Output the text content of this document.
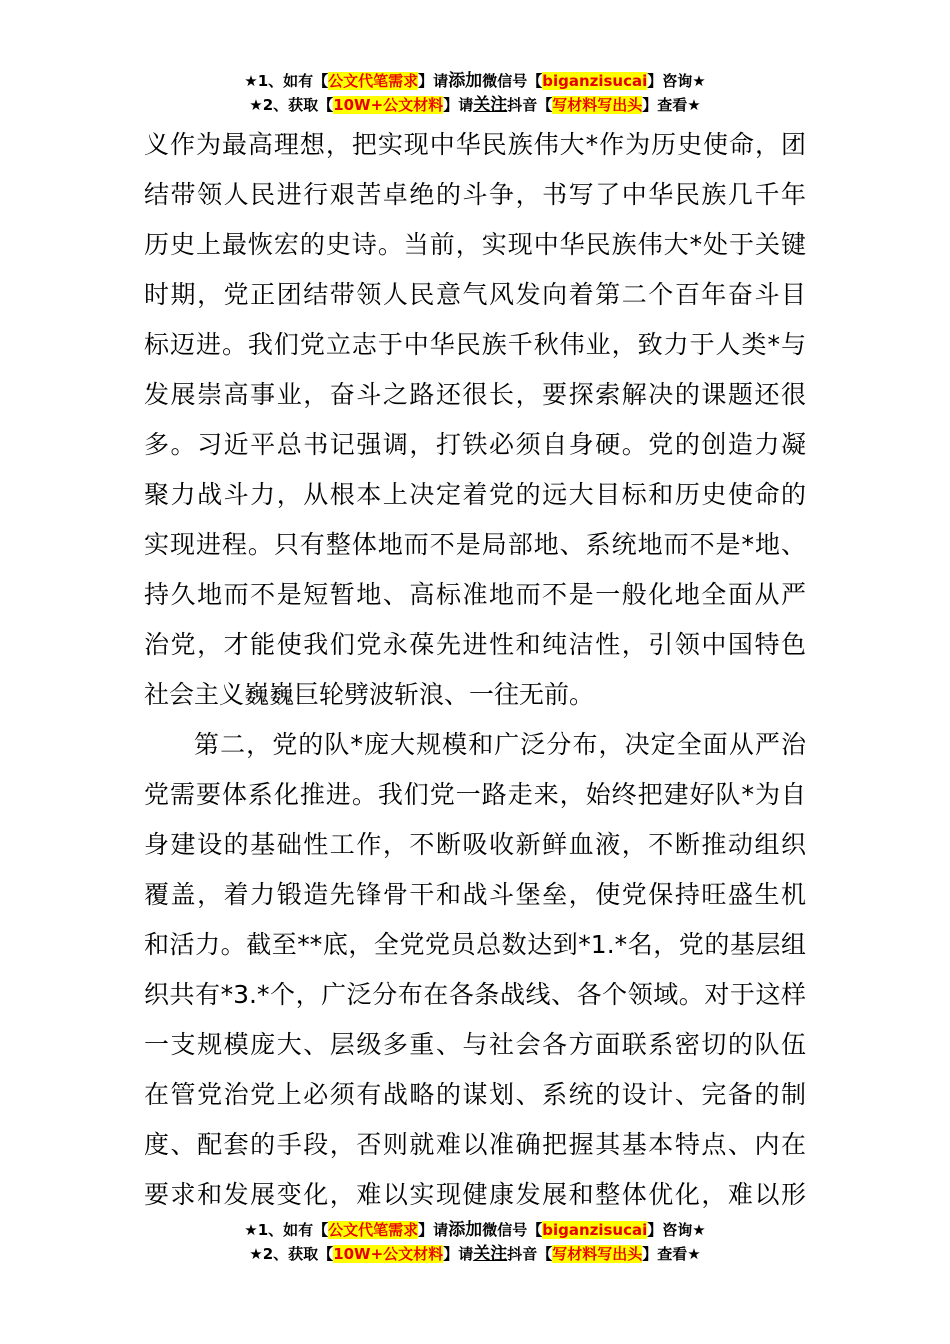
★1、如有【公文代笔需求】请添加微信号【biganzisucai】咨询★
★2、获取【10W+公文材料】请关注抖音【写材料写出头】查看★
义作为最高理想，把实现中华民族伟大*作为历史使命，团
结带领人民进行艰苦卓绝的斗争，书写了中华民族几千年
历史上最恢宏的史诗。当前，实现中华民族伟大*处于关键
时期，党正团结带领人民意气风发向着第二个百年奋斗目
标迈进。我们党立志于中华民族千秋伟业，致力于人类*与
发展崇高事业，奋斗之路还很长，要探索解决的课题还很
多。习近平总书记强调，打铁必须自身硬。党的创造力凝
聚力战斗力，从根本上决定着党的远大目标和历史使命的
实现进程。只有整体地而不是局部地、系统地而不是*地、
持久地而不是短暂地、高标准地而不是一般化地全面从严
治党，才能使我们党永葆先进性和纯洁性，引领中国特色
社会主义巍巍巨轮劈波斩浪、一往无前。
第二，党的队*庞大规模和广泛分布，决定全面从严治
党需要体系化推进。我们党一路走来，始终把建好队*为自
身建设的基础性工作，不断吸收新鲜血液，不断推动组织
覆盖，着力锻造先锋骨干和战斗堡垒，使党保持旺盛生机
和活力。截至**底，全党党员总数达到*1.*名，党的基层组
织共有*3.*个，广泛分布在各条战线、各个领域。对于这样
一支规模庞大、层级多重、与社会各方面联系密切的队伍
在管党治党上必须有战略的谋划、系统的设计、完备的制
度、配套的手段，否则就难以准确把握其基本特点、内在
要求和发展变化，难以实现健康发展和整体优化，难以形
★1、如有【公文代笔需求】请添加微信号【biganzisucai】咨询★
★2、获取【10W+公文材料】请关注抖音【写材料写出头】查看★
